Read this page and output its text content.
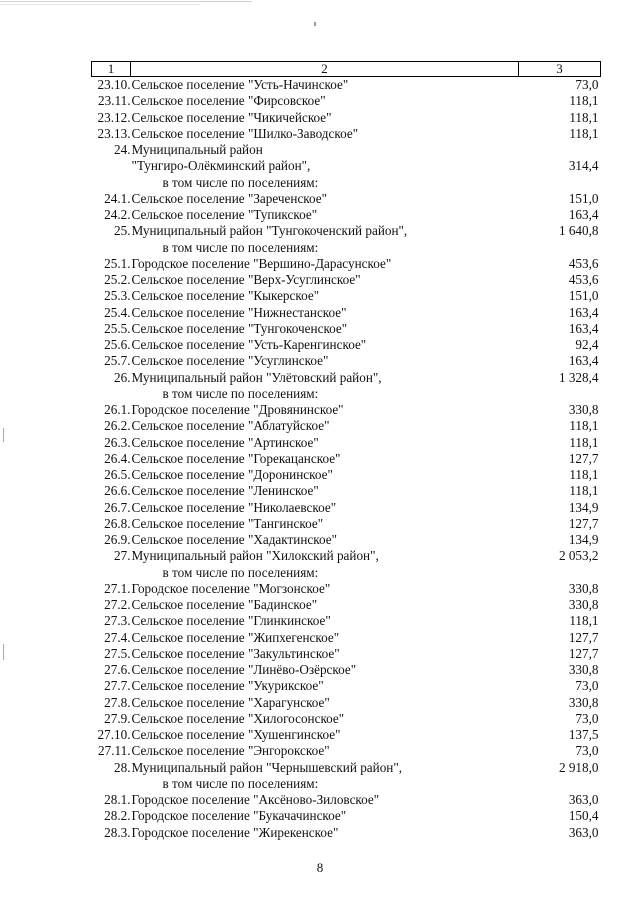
1	2	3
23.10.	Сельское поселение "Усть-Начинское"	73,0
23.11.	Сельское поселение "Фирсовское"	118,1
23.12.	Сельское поселение "Чикичейское"	118,1
23.13.	Сельское поселение "Шилко-Заводское"	118,1
24.	Муниципальный район	
	"Тунгиро-Олёкминский район",	314,4
	в том числе по поселениям:	
24.1.	Сельское поселение "Зареченское"	151,0
24.2.	Сельское поселение "Тупикское"	163,4
25.	Муниципальный район "Тунгокоченский район",	1 640,8
	в том числе по поселениям:	
25.1.	Городское поселение "Вершино-Дарасунское"	453,6
25.2.	Сельское поселение "Верх-Усуглинское"	453,6
25.3.	Сельское поселение "Кыкерское"	151,0
25.4.	Сельское поселение "Нижнестанское"	163,4
25.5.	Сельское поселение "Тунгокоченское"	163,4
25.6.	Сельское поселение "Усть-Каренгинское"	92,4
25.7.	Сельское поселение "Усуглинское"	163,4
26.	Муниципальный район "Улётовский район",	1 328,4
	в том числе по поселениям:	
26.1.	Городское поселение "Дровянинское"	330,8
26.2.	Сельское поселение "Аблатуйское"	118,1
26.3.	Сельское поселение "Артинское"	118,1
26.4.	Сельское поселение "Горекацанское"	127,7
26.5.	Сельское поселение "Доронинское"	118,1
26.6.	Сельское поселение "Ленинское"	118,1
26.7.	Сельское поселение "Николаевское"	134,9
26.8.	Сельское поселение "Тангинское"	127,7
26.9.	Сельское поселение "Хадактинское"	134,9
27.	Муниципальный район "Хилокский район",	2 053,2
	в том числе по поселениям:	
27.1.	Городское поселение "Могзонское"	330,8
27.2.	Сельское поселение "Бадинское"	330,8
27.3.	Сельское поселение "Глинкинское"	118,1
27.4.	Сельское поселение "Жипхегенское"	127,7
27.5.	Сельское поселение "Закультинское"	127,7
27.6.	Сельское поселение "Линёво-Озёрское"	330,8
27.7.	Сельское поселение "Укурикское"	73,0
27.8.	Сельское поселение "Харагунское"	330,8
27.9.	Сельское поселение "Хилогосонское"	73,0
27.10.	Сельское поселение "Хушенгинское"	137,5
27.11.	Сельское поселение "Энгорокское"	73,0
28.	Муниципальный район "Чернышевский район",	2 918,0
	в том числе по поселениям:	
28.1.	Городское поселение "Аксёново-Зиловское"	363,0
28.2.	Городское поселение "Букачачинское"	150,4
28.3.	Городское поселение "Жирекенское"	363,0
8
